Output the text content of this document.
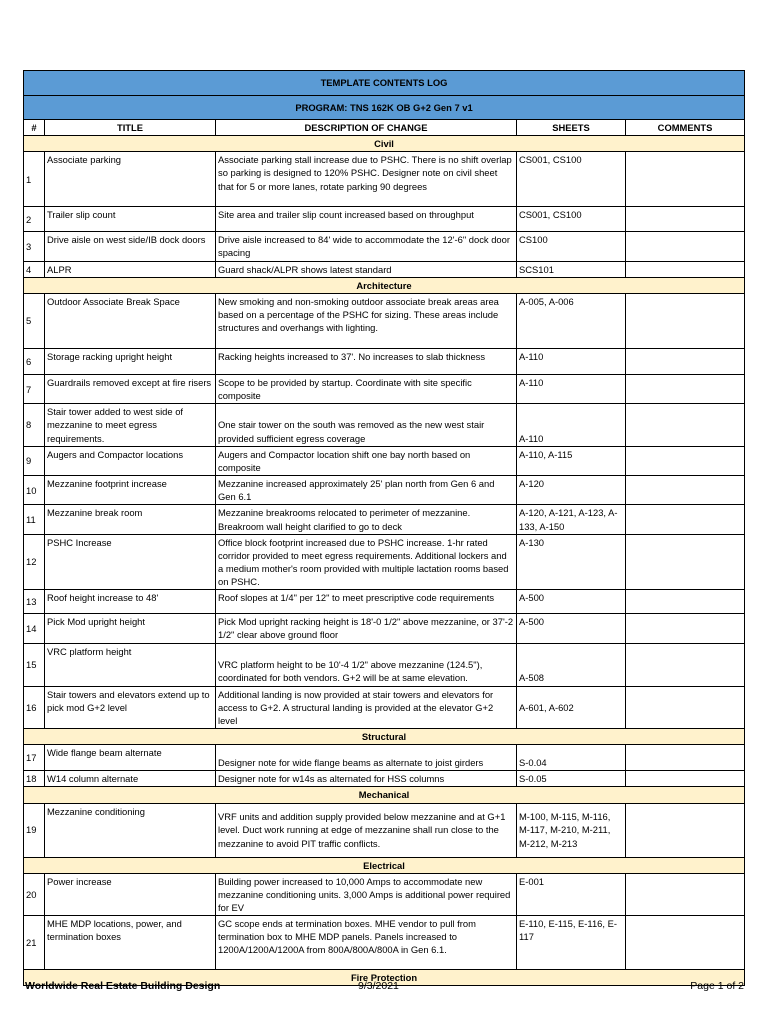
TEMPLATE CONTENTS LOG				
PROGRAM: TNS 162K OB G+2 Gen 7 v1				
#	TITLE	DESCRIPTION OF CHANGE	SHEETS	COMMENTS
Civil				
1	Associate parking	Associate parking stall increase due to PSHC. There is no shift overlap so parking is designed to 120% PSHC. Designer note on civil sheet that for 5 or more lanes, rotate parking 90 degrees	CS001, CS100	
2	Trailer slip count	Site area and trailer slip count increased based on throughput	CS001, CS100	
3	Drive aisle on west side/IB dock doors	Drive aisle increased to 84' wide to accommodate the 12'-6" dock door spacing	CS100	
4	ALPR	Guard shack/ALPR shows latest standard	SCS101	
Architecture				
5	Outdoor Associate Break Space	New smoking and non-smoking outdoor associate break areas area based on a percentage of the PSHC for sizing. These areas include structures and overhangs with lighting.	A-005, A-006	
6	Storage racking upright height	Racking heights increased to 37'. No increases to slab thickness	A-110	
7	Guardrails removed except at fire risers	Scope to be provided by startup. Coordinate with site specific composite	A-110	
8	Stair tower added to west side of mezzanine to meet egress requirements.	One stair tower on the south was removed as the new west stair provided sufficient egress coverage	A-110	
9	Augers and Compactor locations	Augers and Compactor location shift one bay north based on composite	A-110, A-115	
10	Mezzanine footprint increase	Mezzanine increased approximately 25' plan north from Gen 6 and Gen 6.1	A-120	
11	Mezzanine break room	Mezzanine breakrooms relocated to perimeter of mezzanine. Breakroom wall height clarified to go to deck	A-120, A-121, A-123, A-133, A-150	
12	PSHC Increase	Office block footprint increased due to PSHC increase. 1-hr rated corridor provided to meet egress requirements. Additional lockers and a medium mother's room provided with multiple lactation rooms based on PSHC.	A-130	
13	Roof height increase to 48'	Roof slopes at 1/4" per 12" to meet prescriptive code requirements	A-500	
14	Pick Mod upright height	Pick Mod upright racking height is 18'-0 1/2" above mezzanine, or 37'-2 1/2" clear above ground floor	A-500	
15	VRC platform height	VRC platform height to be 10'-4 1/2" above mezzanine (124.5"), coordinated for both vendors. G+2 will be at same elevation.	A-508	
16	Stair towers and elevators extend up to pick mod G+2 level	Additional landing is now provided at stair towers and elevators for access to G+2. A structural landing is provided at the elevator G+2 level	A-601, A-602	
Structural				
17	Wide flange beam alternate	Designer note for wide flange beams as alternate to joist girders	S-0.04	
18	W14 column alternate	Designer note for w14s as alternated for HSS columns	S-0.05	
Mechanical				
19	Mezzanine conditioning	VRF units and addition supply provided below mezzanine and at G+1 level. Duct work running at edge of mezzanine shall run close to the mezzanine to avoid PIT traffic conflicts.	M-100, M-115, M-116, M-117, M-210, M-211, M-212, M-213	
Electrical				
20	Power increase	Building power increased to 10,000 Amps to accommodate new mezzanine conditioning units. 3,000 Amps is additional power required for EV	E-001	
21	MHE MDP locations, power, and termination boxes	GC scope ends at termination boxes. MHE vendor to pull from termination box to MHE MDP panels. Panels increased to 1200A/1200A/1200A from 800A/800A/800A in Gen 6.1.	E-110, E-115, E-116, E-117	
Fire Protection				
Worldwide Real Estate Building Design	9/3/2021	Page 1 of 2
